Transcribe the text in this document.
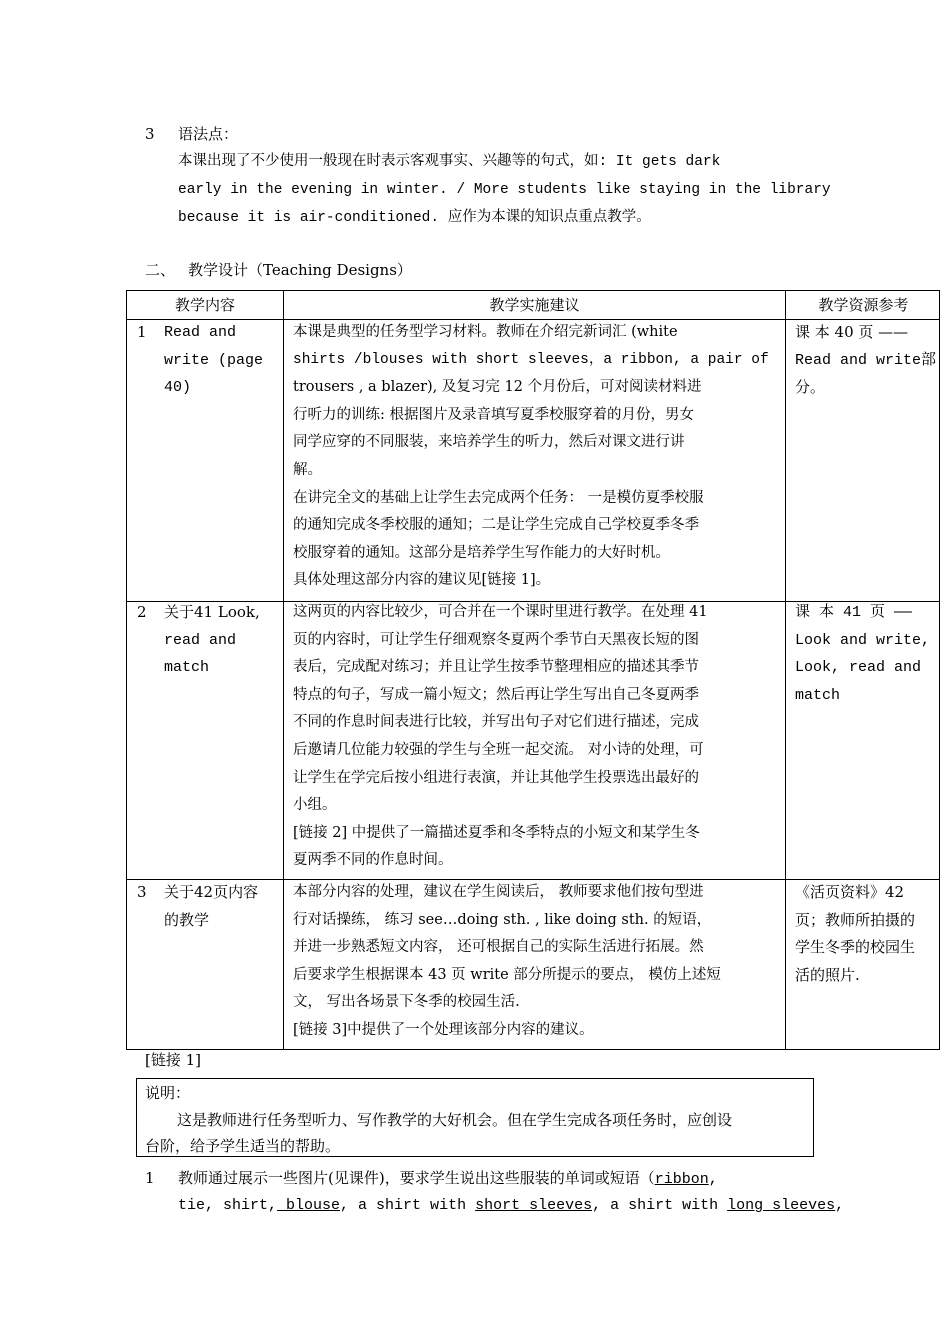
3 语法点：
本课出现了不少使用一般现在时表示客观事实、兴趣等的句式，如: It gets dark
early in the evening in winter. / More students like staying in the library
because it is air-conditioned. 应作为本课的知识点重点教学。
二、 教学设计（Teaching Designs）
教学内容	教学实施建议	教学资源参考
1 Read and

write (page

40)

本课是典型的任务型学习材料。教师在介绍完新词汇 (white

shirts /blouses with short sleeves，a ribbon, a pair of

trousers , a blazer), 及复习完 12 个月份后，可对阅读材料进

行听力的训练: 根据图片及录音填写夏季校服穿着的月份，男女

同学应穿的不同服装，来培养学生的听力，然后对课文进行讲

解。

在讲完全文的基础上让学生去完成两个任务： 一是模仿夏季校服

的通知完成冬季校服的通知；二是让学生完成自己学校夏季冬季

校服穿着的通知。这部分是培养学生写作能力的大好时机。

具体处理这部分内容的建议见[链接 1]。

课 本 40 页 ——

Read and write部

分。

2 关于41 Look,

read and

match

这两页的内容比较少，可合并在一个课时里进行教学。在处理 41

页的内容时，可让学生仔细观察冬夏两个季节白天黑夜长短的图

表后，完成配对练习；并且让学生按季节整理相应的描述其季节

特点的句子，写成一篇小短文；然后再让学生写出自己冬夏两季

不同的作息时间表进行比较，并写出句子对它们进行描述，完成

后邀请几位能力较强的学生与全班一起交流。 对小诗的处理，可

让学生在学完后按小组进行表演，并让其他学生投票选出最好的

小组。

[链接 2] 中提供了一篇描述夏季和冬季特点的小短文和某学生冬

夏两季不同的作息时间。

课 本 41 页 ——

Look and write,

Look, read and

match

3 关于42页内容

的教学

本部分内容的处理，建议在学生阅读后， 教师要求他们按句型进

行对话操练， 练习 see…doing sth. , like doing sth. 的短语，

并进一步熟悉短文内容， 还可根据自己的实际生活进行拓展。然

后要求学生根据课本 43 页 write 部分所提示的要点， 模仿上述短

文， 写出各场景下冬季的校园生活.

[链接 3]中提供了一个处理该部分内容的建议。

《活页资料》42

页；教师所拍摄的

学生冬季的校园生

活的照片.

[链接 1]
说明：
这是教师进行任务型听力、写作教学的大好机会。但在学生完成各项任务时，应创设
台阶，给予学生适当的帮助。
1 教师通过展示一些图片(见课件)，要求学生说出这些服装的单词或短语（ribbon,
tie, shirt, blouse, a shirt with short sleeves, a shirt with long sleeves,
